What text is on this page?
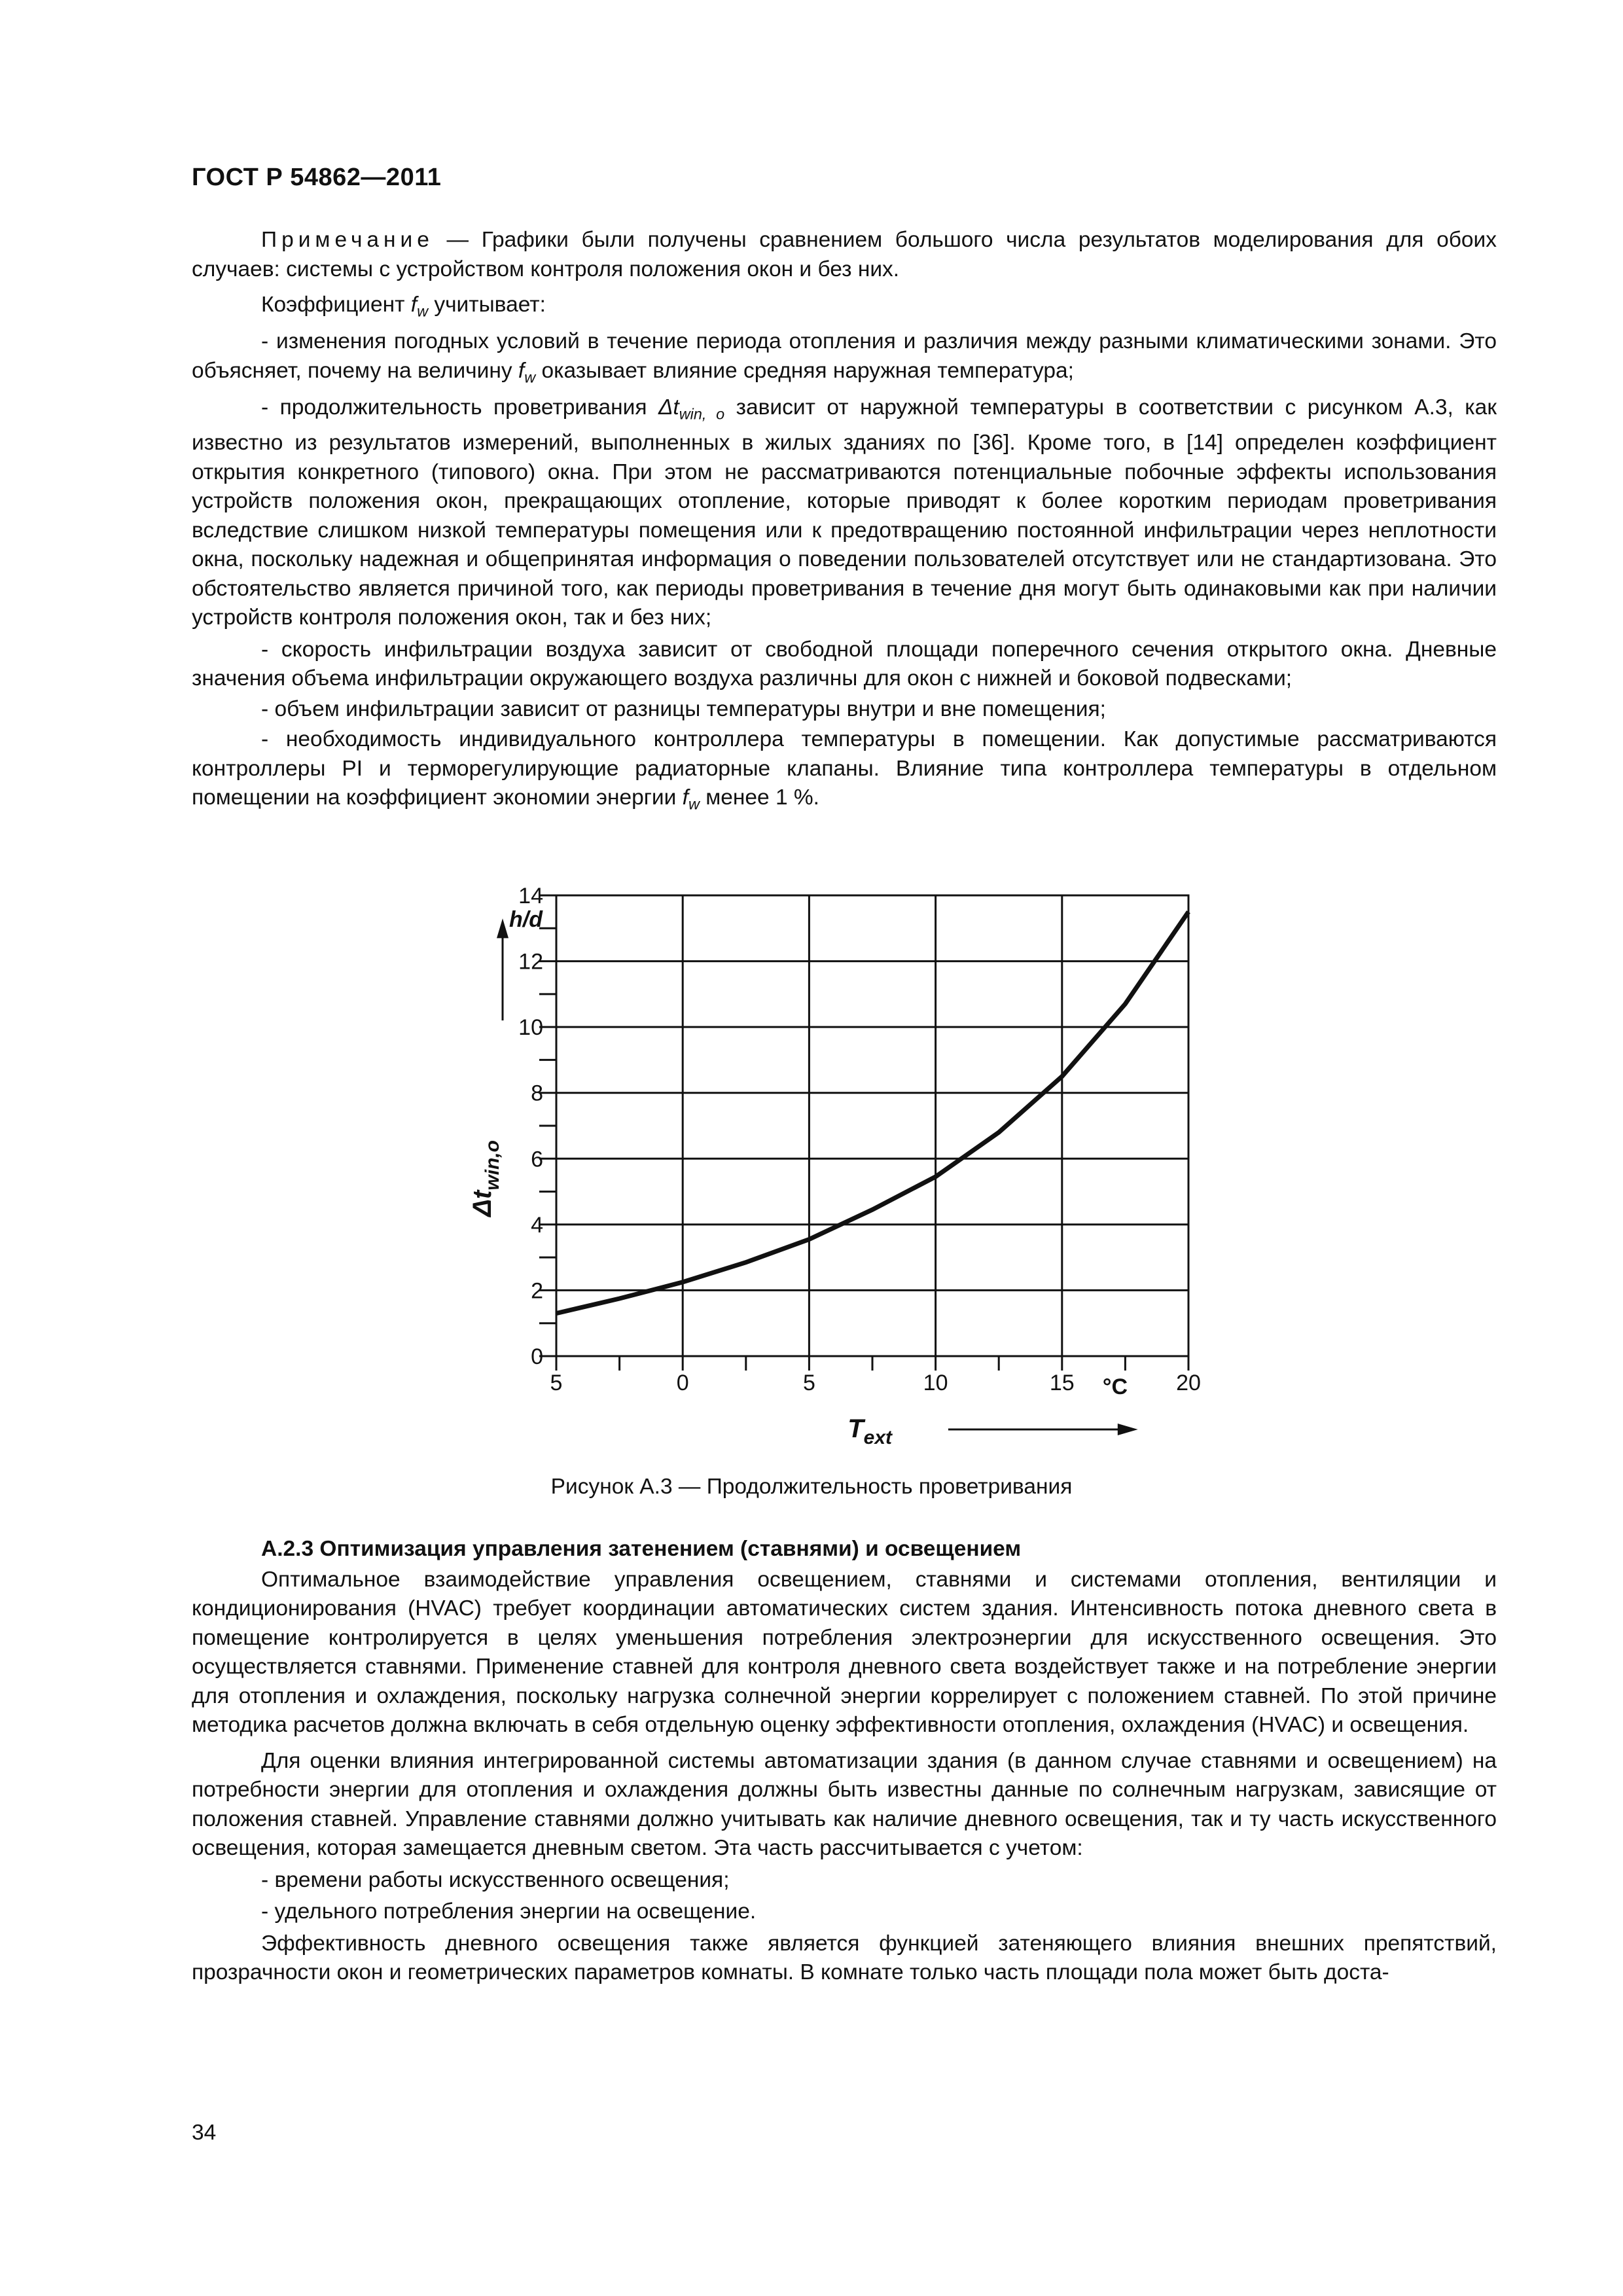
ГОСТ Р 54862—2011

Примечание — Графики были получены сравнением большого числа результатов моделирования для обоих случаев: системы с устройством контроля положения окон и без них.

Коэффициент $f_w$ учитывает:

- изменения погодных условий в течение периода отопления и различия между разными климатическими зонами. Это объясняет, почему на величину $f_w$ оказывает влияние средняя наружная температура;

- продолжительность проветривания $\Delta t_{win, o}$ зависит от наружной температуры в соответствии с рисунком А.3, как известно из результатов измерений, выполненных в жилых зданиях по [36]. Кроме того, в [14] определен коэффициент открытия конкретного (типового) окна. При этом не рассматриваются потенциальные побочные эффекты использования устройств положения окон, прекращающих отопление, которые приводят к более коротким периодам проветривания вследствие слишком низкой температуры помещения или к предотвращению постоянной инфильтрации через неплотности окна, поскольку надежная и общепринятая информация о поведении пользователей отсутствует или не стандартизована. Это обстоятельство является причиной того, как периоды проветривания в течение дня могут быть одинаковыми как при наличии устройств контроля положения окон, так и без них;

- скорость инфильтрации воздуха зависит от свободной площади поперечного сечения открытого окна. Дневные значения объема инфильтрации окружающего воздуха различны для окон с нижней и боковой подвесками;

- объем инфильтрации зависит от разницы температуры внутри и вне помещения;

- необходимость индивидуального контроллера температуры в помещении. Как допустимые рассматриваются контроллеры PI и терморегулирующие радиаторные клапаны. Влияние типа контроллера температуры в отдельном помещении на коэффициент экономии энергии $f_w$ менее 1 %.

5	0	5	10	15	20
0
2
4
6
8
10
12
14
h/d
$\Delta t_{win,o}$
°C
$T_{ext}$
Рисунок А.3 — Продолжительность проветривания

А.2.3 Оптимизация управления затенением (ставнями) и освещением

Оптимальное взаимодействие управления освещением, ставнями и системами отопления, вентиляции и кондиционирования (HVAC) требует координации автоматических систем здания. Интенсивность потока дневного света в помещение контролируется в целях уменьшения потребления электроэнергии для искусственного освещения. Это осуществляется ставнями. Применение ставней для контроля дневного света воздействует также и на потребление энергии для отопления и охлаждения, поскольку нагрузка солнечной энергии коррелирует с положением ставней. По этой причине методика расчетов должна включать в себя отдельную оценку эффективности отопления, охлаждения (HVAC) и освещения.

Для оценки влияния интегрированной системы автоматизации здания (в данном случае ставнями и освещением) на потребности энергии для отопления и охлаждения должны быть известны данные по солнечным нагрузкам, зависящие от положения ставней. Управление ставнями должно учитывать как наличие дневного освещения, так и ту часть искусственного освещения, которая замещается дневным светом. Эта часть рассчитывается с учетом:

- времени работы искусственного освещения;

- удельного потребления энергии на освещение.

Эффективность дневного освещения также является функцией затеняющего влияния внешних препятствий, прозрачности окон и геометрических параметров комнаты. В комнате только часть площади пола может быть доста-

34
